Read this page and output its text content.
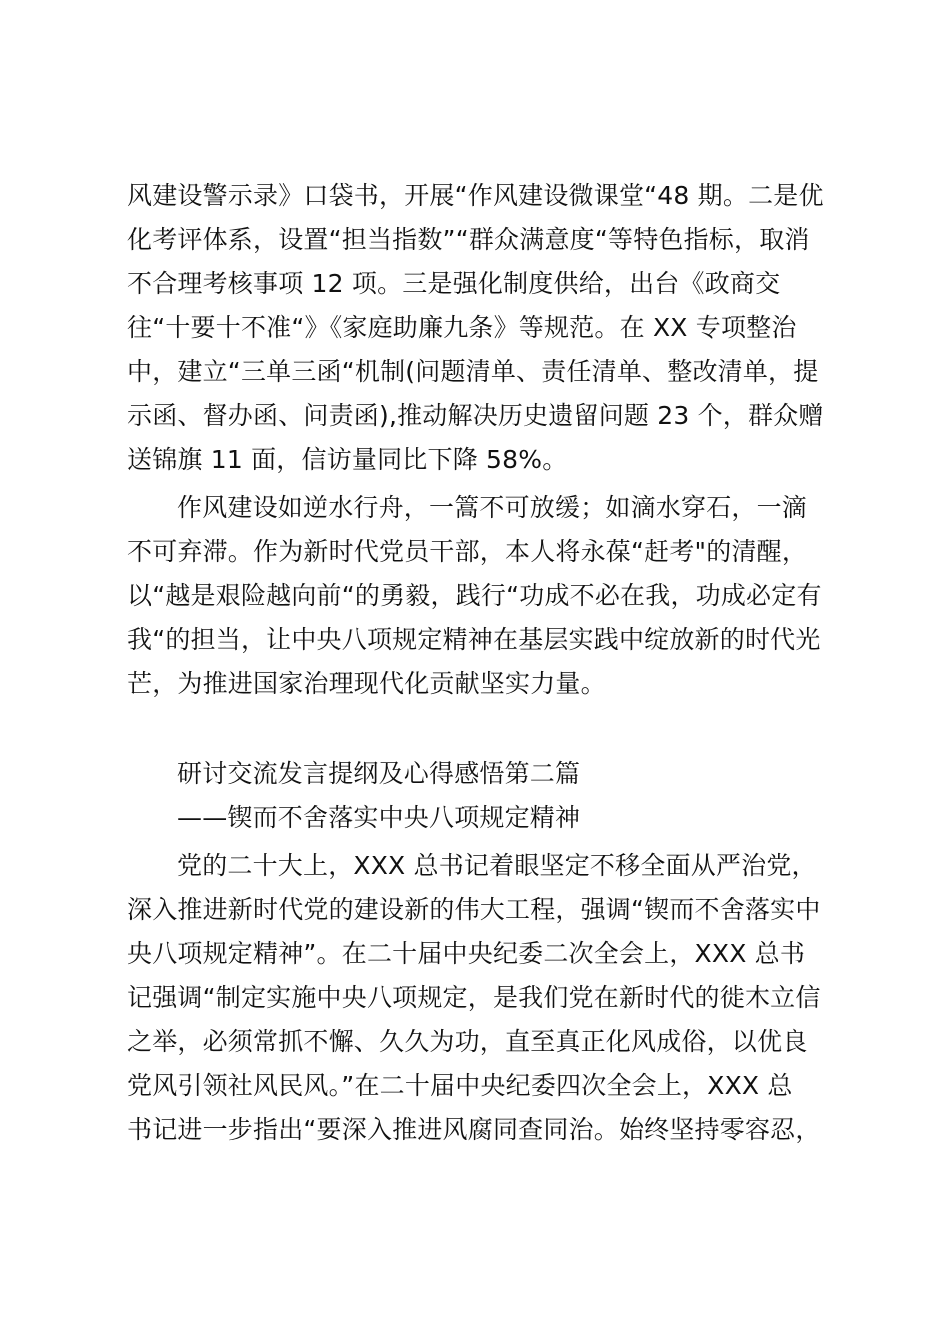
风建设警示录》口袋书，开展“作风建设微课堂“48 期。二是优
化考评体系，设置“担当指数”“群众满意度“等特色指标，取消
不合理考核事项 12 项。三是强化制度供给，出台《政商交
往“十要十不准“》《家庭助廉九条》等规范。在 XX 专项整治
中，建立“三单三函“机制(问题清单、责任清单、整改清单，提
示函、督办函、问责函),推动解决历史遗留问题 23 个，群众赠
送锦旗 11 面，信访量同比下降 58%。
作风建设如逆水行舟，一篙不可放缓；如滴水穿石，一滴
不可弃滞。作为新时代党员干部，本人将永葆“赶考"的清醒，
以“越是艰险越向前“的勇毅，践行“功成不必在我，功成必定有
我“的担当，让中央八项规定精神在基层实践中绽放新的时代光
芒，为推进国家治理现代化贡献坚实力量。
研讨交流发言提纲及心得感悟第二篇
——锲而不舍落实中央八项规定精神
党的二十大上，XXX 总书记着眼坚定不移全面从严治党，
深入推进新时代党的建设新的伟大工程，强调“锲而不舍落实中
央八项规定精神”。在二十届中央纪委二次全会上，XXX 总书
记强调“制定实施中央八项规定，是我们党在新时代的徙木立信
之举，必须常抓不懈、久久为功，直至真正化风成俗，以优良
党风引领社风民风。”在二十届中央纪委四次全会上，XXX 总
书记进一步指出“要深入推进风腐同查同治。始终坚持零容忍，
